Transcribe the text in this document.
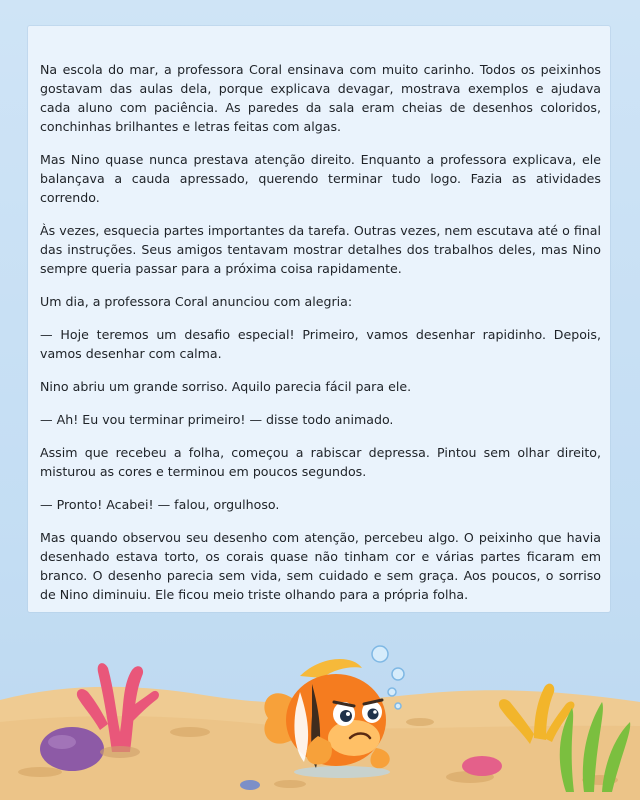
Na escola do mar, a professora Coral ensinava com muito carinho. Todos os peixinhos gostavam das aulas dela, porque explicava devagar, mostrava exemplos e ajudava cada aluno com paciência. As paredes da sala eram cheias de desenhos coloridos, conchinhas brilhantes e letras feitas com algas.

Mas Nino quase nunca prestava atenção direito. Enquanto a professora explicava, ele balançava a cauda apressado, querendo terminar tudo logo. Fazia as atividades correndo.

Às vezes, esquecia partes importantes da tarefa. Outras vezes, nem escutava até o final das instruções. Seus amigos tentavam mostrar detalhes dos trabalhos deles, mas Nino sempre queria passar para a próxima coisa rapidamente.

Um dia, a professora Coral anunciou com alegria:

— Hoje teremos um desafio especial! Primeiro, vamos desenhar rapidinho. Depois, vamos desenhar com calma.

Nino abriu um grande sorriso. Aquilo parecia fácil para ele.

— Ah! Eu vou terminar primeiro! — disse todo animado.

Assim que recebeu a folha, começou a rabiscar depressa. Pintou sem olhar direito, misturou as cores e terminou em poucos segundos.

— Pronto! Acabei! — falou, orgulhoso.

Mas quando observou seu desenho com atenção, percebeu algo. O peixinho que havia desenhado estava torto, os corais quase não tinham cor e várias partes ficaram em branco. O desenho parecia sem vida, sem cuidado e sem graça. Aos poucos, o sorriso de Nino diminuiu. Ele ficou meio triste olhando para a própria folha.
